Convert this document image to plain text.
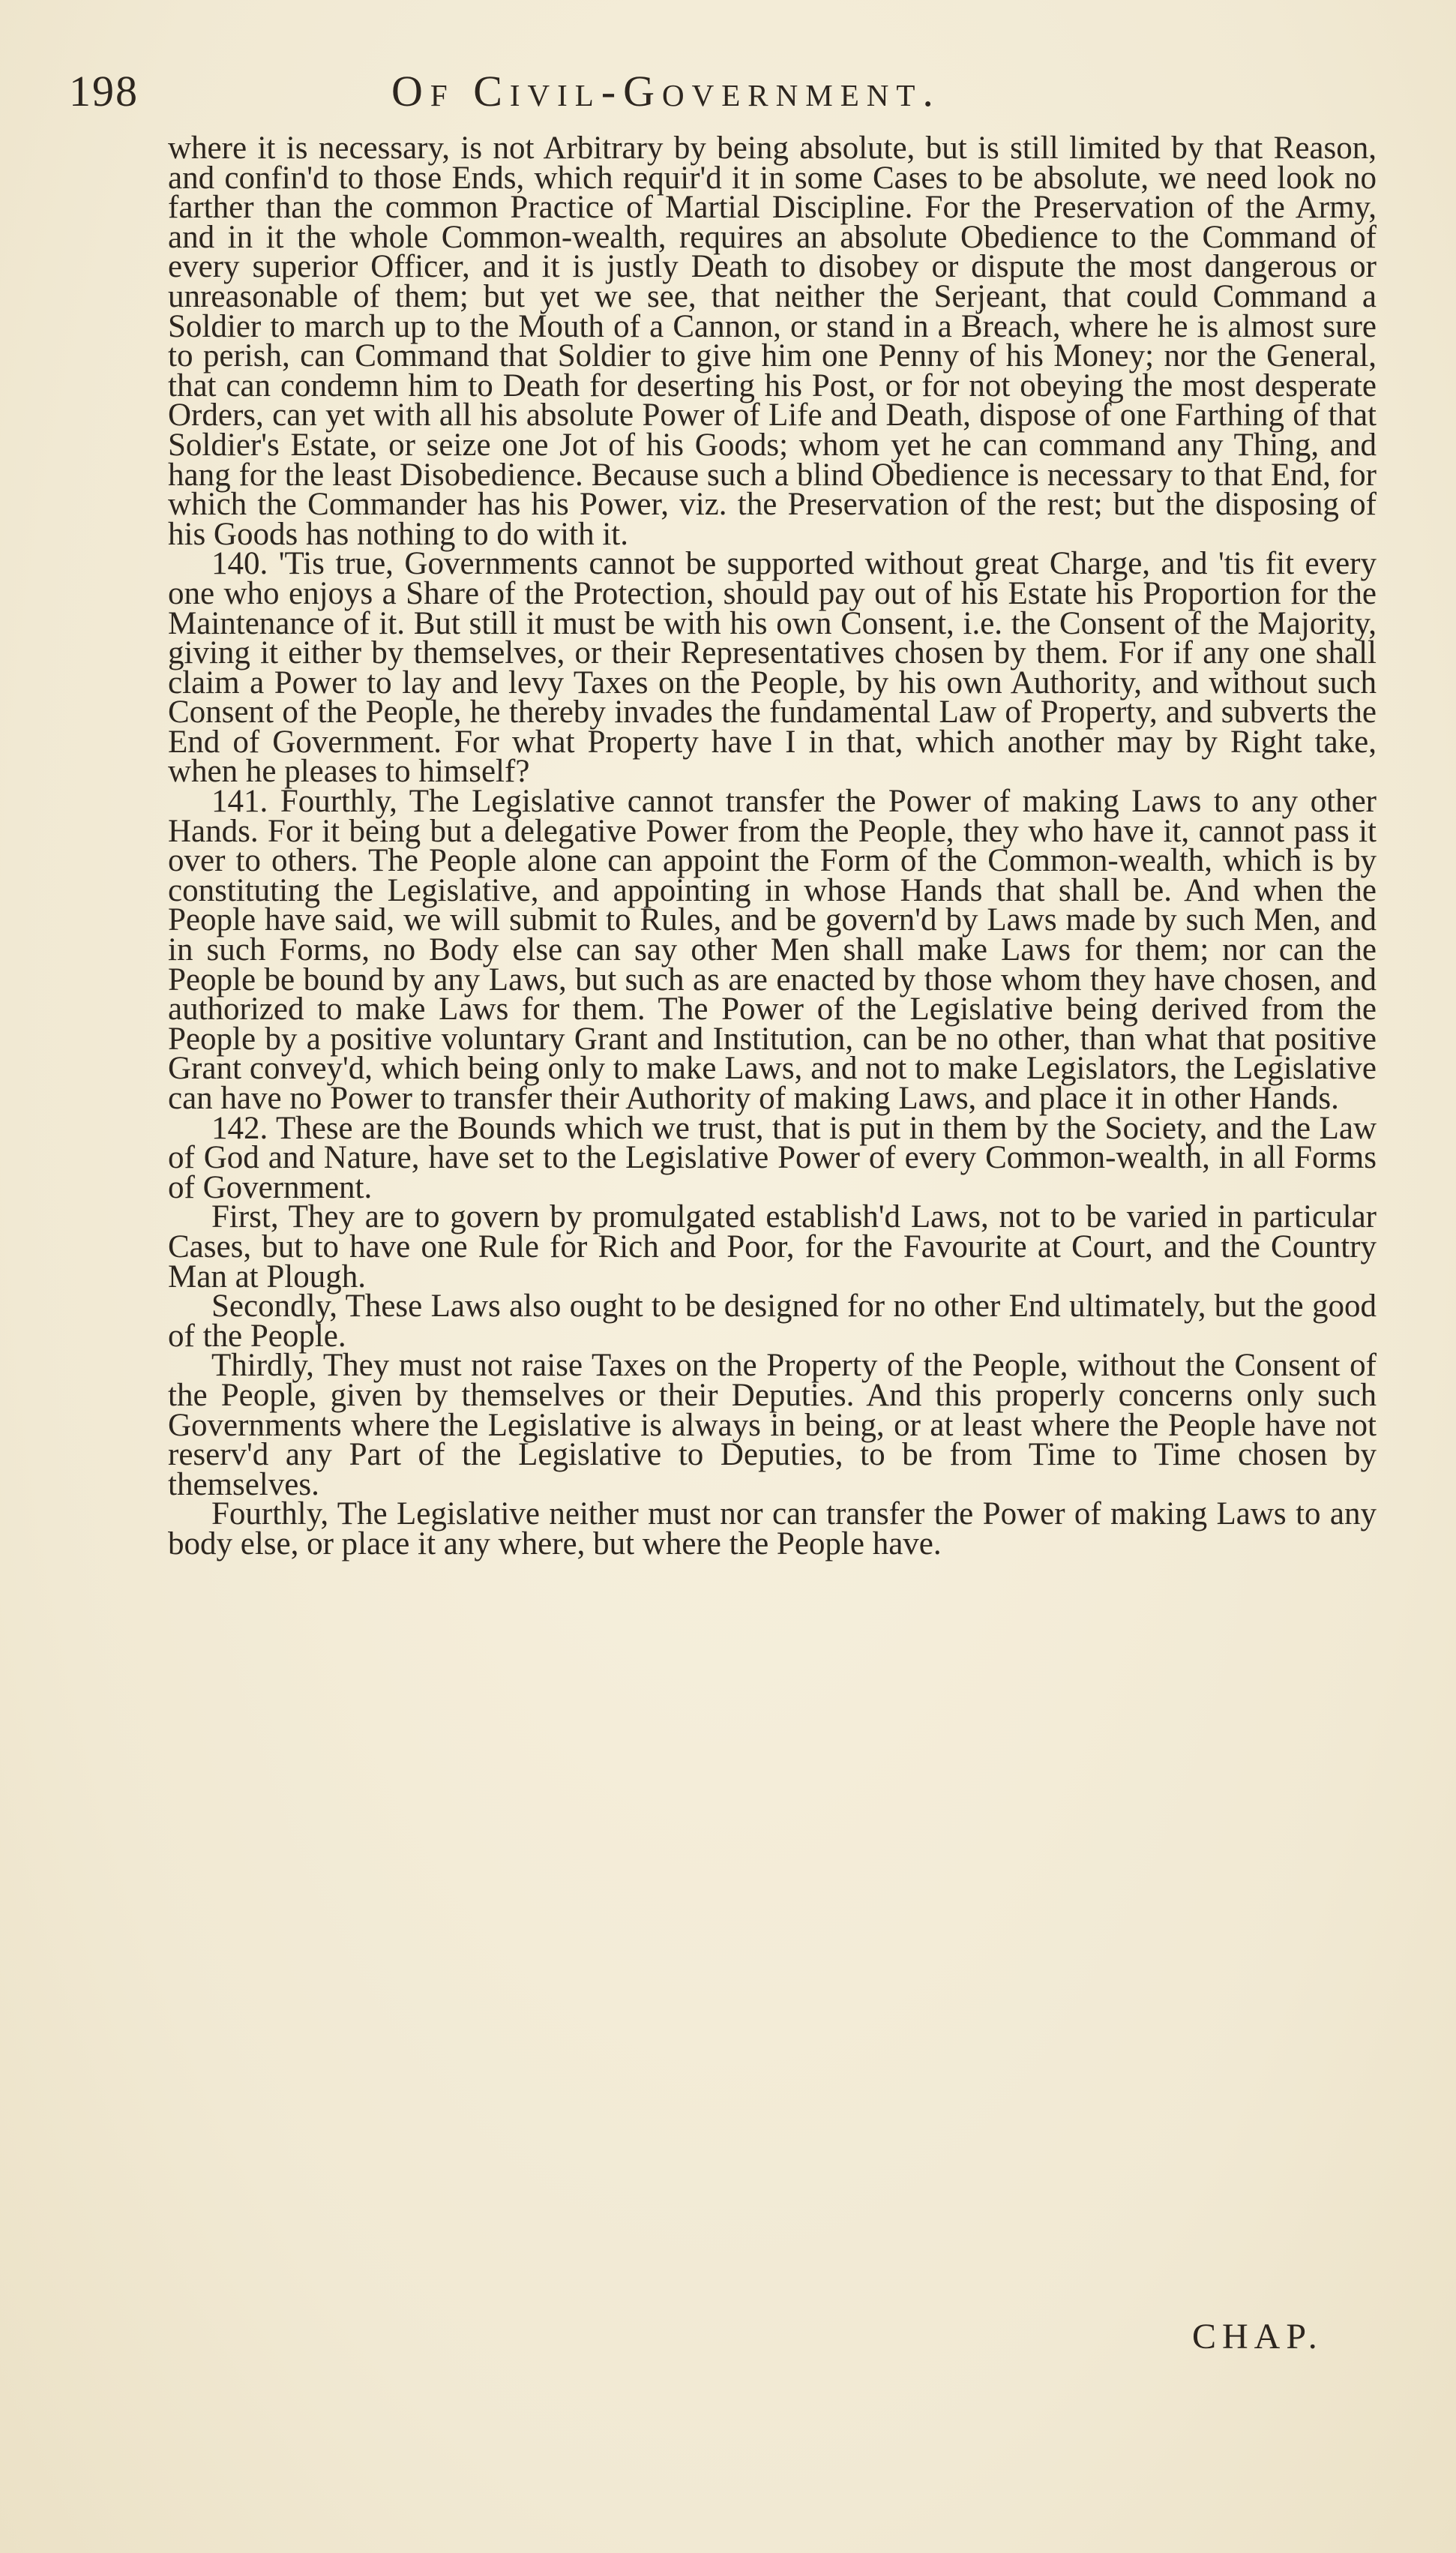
198	Of Civil-Government.

where it is necessary, is not Arbitrary by being absolute, but is still limited by that Reason, and confin'd to those Ends, which requir'd it in some Cases to be absolute, we need look no farther than the common Practice of Martial Discipline. For the Preservation of the Army, and in it the whole Common-wealth, requires an absolute Obedience to the Command of every superior Officer, and it is justly Death to disobey or dispute the most dangerous or unreasonable of them; but yet we see, that neither the Serjeant, that could Command a Soldier to march up to the Mouth of a Cannon, or stand in a Breach, where he is almost sure to perish, can Command that Soldier to give him one Penny of his Money; nor the General, that can condemn him to Death for deserting his Post, or for not obeying the most desperate Orders, can yet with all his absolute Power of Life and Death, dispose of one Farthing of that Soldier's Estate, or seize one Jot of his Goods; whom yet he can command any Thing, and hang for the least Disobedience. Because such a blind Obedience is necessary to that End, for which the Commander has his Power, viz. the Preservation of the rest; but the disposing of his Goods has nothing to do with it.

140. 'Tis true, Governments cannot be supported without great Charge, and 'tis fit every one who enjoys a Share of the Protection, should pay out of his Estate his Proportion for the Maintenance of it. But still it must be with his own Consent, i.e. the Consent of the Majority, giving it either by themselves, or their Representatives chosen by them. For if any one shall claim a Power to lay and levy Taxes on the People, by his own Authority, and without such Consent of the People, he thereby invades the fundamental Law of Property, and subverts the End of Government. For what Property have I in that, which another may by Right take, when he pleases to himself?

141. Fourthly, The Legislative cannot transfer the Power of making Laws to any other Hands. For it being but a delegative Power from the People, they who have it, cannot pass it over to others. The People alone can appoint the Form of the Common-wealth, which is by constituting the Legislative, and appointing in whose Hands that shall be. And when the People have said, we will submit to Rules, and be govern'd by Laws made by such Men, and in such Forms, no Body else can say other Men shall make Laws for them; nor can the People be bound by any Laws, but such as are enacted by those whom they have chosen, and authorized to make Laws for them. The Power of the Legislative being derived from the People by a positive voluntary Grant and Institution, can be no other, than what that positive Grant convey'd, which being only to make Laws, and not to make Legislators, the Legislative can have no Power to transfer their Authority of making Laws, and place it in other Hands.

142. These are the Bounds which we trust, that is put in them by the Society, and the Law of God and Nature, have set to the Legislative Power of every Common-wealth, in all Forms of Government.

First, They are to govern by promulgated establish'd Laws, not to be varied in particular Cases, but to have one Rule for Rich and Poor, for the Favourite at Court, and the Country Man at Plough.

Secondly, These Laws also ought to be designed for no other End ultimately, but the good of the People.

Thirdly, They must not raise Taxes on the Property of the People, without the Consent of the People, given by themselves or their Deputies. And this properly concerns only such Governments where the Legislative is always in being, or at least where the People have not reserv'd any Part of the Legislative to Deputies, to be from Time to Time chosen by themselves.

Fourthly, The Legislative neither must nor can transfer the Power of making Laws to any body else, or place it any where, but where the People have.

CHAP.
